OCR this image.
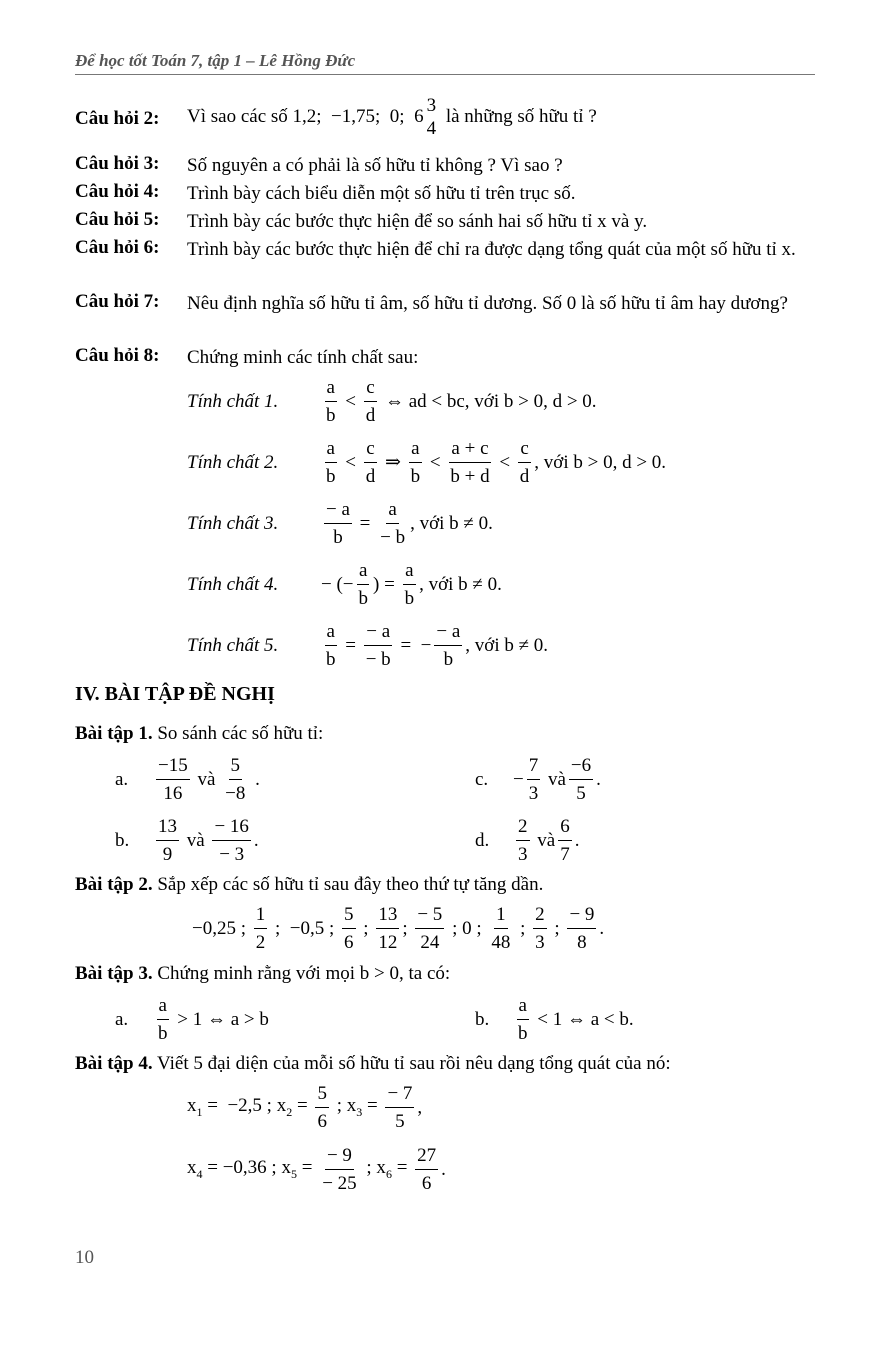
Để học tốt Toán 7, tập 1 – Lê Hồng Đức
Câu hỏi 2: Vì sao các số 1,2;  −1,75;  0;  6
3
4
là những số hữu tỉ ?
Câu hỏi 3: Số nguyên a có phải là số hữu tỉ không ? Vì sao ?
Câu hỏi 4: Trình bày cách biểu diễn một số hữu tỉ trên trục số.
Câu hỏi 5: Trình bày các bước thực hiện để so sánh hai số hữu tỉ x và y.
Câu hỏi 6: Trình bày các bước thực hiện để chỉ ra được dạng tổng quát của một số hữu tỉ x.
Câu hỏi 7: Nêu định nghĩa số hữu tỉ âm, số hữu tỉ dương. Số 0 là số hữu tỉ âm hay dương?
Câu hỏi 8: Chứng minh các tính chất sau:
Tính chất 1.	$\frac{a}{b} < \frac{c}{d}$ ⇔ ad < bc, với b > 0, d > 0.
Tính chất 2.	$\frac{a}{b} < \frac{c}{d}$ ⇒ $\frac{a}{b} < \frac{a + c}{b + d} < \frac{c}{d}$ , với b > 0, d > 0.
Tính chất 3.	$\frac{- a}{b} = \frac{a}{- b}$ , với b ≠ 0.
Tính chất 4.	− (− $\frac{a}{b}$ ) = $\frac{a}{b}$ , với b ≠ 0.
Tính chất 5.	$\frac{a}{b} = \frac{- a}{- b}$ =  − $\frac{- a}{b}$ , với b ≠ 0.
IV. BÀI TẬP ĐỀ NGHỊ
Bài tập 1. So sánh các số hữu tỉ:
a.	$\frac{-15}{16}$ và $\frac{5}{-8}$ .	c.	− $\frac{7}{3}$ và $\frac{-6}{5}$ .
b.	$\frac{13}{9}$ và $\frac{- 16}{- 3}$ .	d.	$\frac{2}{3}$ và $\frac{6}{7}$ .
Bài tập 2. Sắp xếp các số hữu tỉ sau đây theo thứ tự tăng dần.
−0,25 ; $\frac{1}{2}$ ;  −0,5 ; $\frac{5}{6}$ ; $\frac{13}{12}$ ; $\frac{- 5}{24}$ ; 0 ; $\frac{1}{48}$ ; $\frac{2}{3}$ ; $\frac{- 9}{8}$ .
Bài tập 3. Chứng minh rằng với mọi b > 0, ta có:
a.	$\frac{a}{b} > 1$ ⇔ a > b	b.	$\frac{a}{b} < 1$ ⇔ a < b.
Bài tập 4. Viết 5 đại diện của mỗi số hữu tỉ sau rồi nêu dạng tổng quát của nó:
$x_1 = -2,5$ ; $x_2 = \frac{5}{6}$ ; $x_3 = \frac{- 7}{5}$ ,
$x_4 = -0,36$ ; $x_5 = \frac{- 9}{- 25}$ ; $x_6 = \frac{27}{6}$ .
10
